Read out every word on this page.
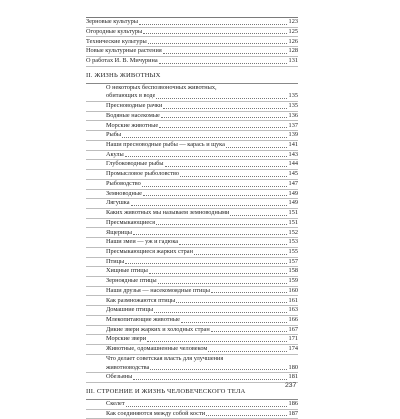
Зерновые культуры	123
Огородные культуры	125
Технические культуры	126
Новые культурные растения	128
О работах И. В. Мичурина	131
II. ЖИЗНЬ ЖИВОТНЫХ
О некоторых беспозвоночных животных,
обитающих в воде	135
Пресноводные рачки	135
Водяные насекомые	136
Морские животные	137
Рыбы	139
Наши пресноводные рыбы — карась и щука	141
Акулы	143
Глубоководные рыбы	144
Промысловое рыболовство	145
Рыбоводство	147
Земноводные	149
Лягушка	149
Каких животных мы называем земноводными	151
Пресмыкающиеся	151
Ящерицы	152
Наши змеи — уж и гадюка	153
Пресмыкающиеся жарких стран	155
Птицы	157
Хищные птицы	158
Зерноядные птицы	159
Наши друзья — насекомоядные птицы	160
Как размножаются птицы	161
Домашние птицы	163
Млекопитающие животные	166
Дикие звери жарких и холодных стран	167
Морские звери	171
Животные, одомашненные человеком	174
Что делает советская власть для улучшения
животноводства	180
Обезьяны	181
III. СТРОЕНИЕ И ЖИЗНЬ ЧЕЛОВЕЧЕСКОГО ТЕЛА
Скелет	186
Как соединяются между собой кости	187
237
